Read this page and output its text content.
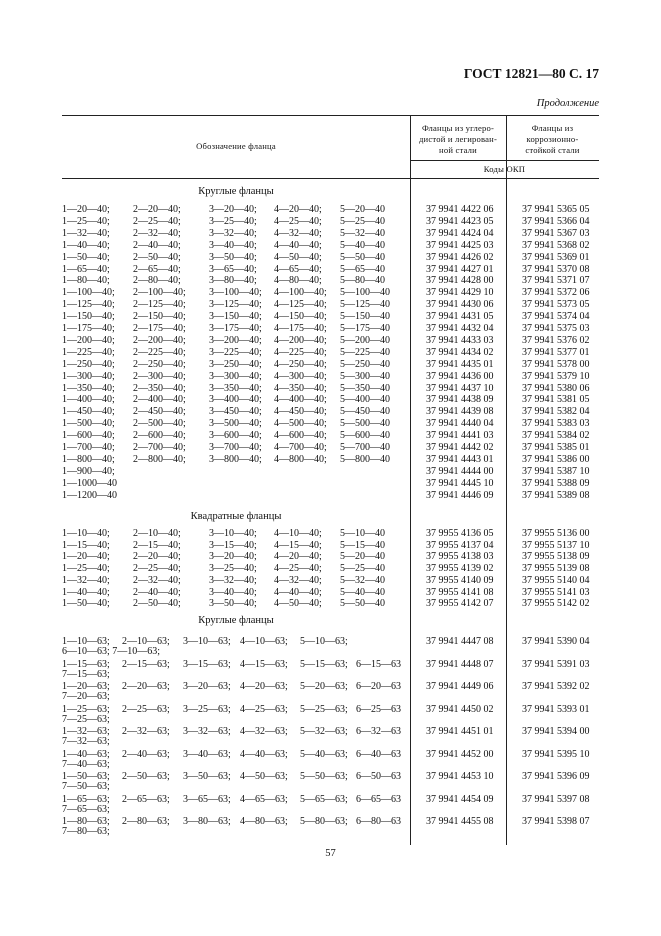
ГОСТ 12821—80 С. 17
Продолжение
Обозначение фланца
Фланцы из углеро-
дистой и легирован-
ной стали
Фланцы из
коррозионно-
стойкой стали
Коды ОКП
Круглые фланцы
1—20—40; 2—20—40;	3—20—40; 4—20—40; 5—20—40	37 9941 4422 06	37 9941 5365 05
1—25—40; 2—25—40;	3—25—40; 4—25—40; 5—25—40	37 9941 4423 05	37 9941 5366 04
1—32—40; 2—32—40;	3—32—40; 4—32—40; 5—32—40	37 9941 4424 04	37 9941 5367 03
1—40—40; 2—40—40;	3—40—40; 4—40—40; 5—40—40	37 9941 4425 03	37 9941 5368 02
1—50—40; 2—50—40;	3—50—40; 4—50—40; 5—50—40	37 9941 4426 02	37 9941 5369 01
1—65—40; 2—65—40;	3—65—40; 4—65—40; 5—65—40	37 9941 4427 01	37 9941 5370 08
1—80—40; 2—80—40;	3—80—40; 4—80—40; 5—80—40	37 9941 4428 00	37 9941 5371 07
1—100—40; 2—100—40; 3—100—40; 4—100—40; 5—100—40	37 9941 4429 10	37 9941 5372 06
1—125—40; 2—125—40; 3—125—40; 4—125—40; 5—125—40	37 9941 4430 06	37 9941 5373 05
1—150—40; 2—150—40; 3—150—40; 4—150—40; 5—150—40	37 9941 4431 05	37 9941 5374 04
1—175—40; 2—175—40; 3—175—40; 4—175—40; 5—175—40	37 9941 4432 04	37 9941 5375 03
1—200—40; 2—200—40; 3—200—40; 4—200—40; 5—200—40	37 9941 4433 03	37 9941 5376 02
1—225—40; 2—225—40; 3—225—40; 4—225—40; 5—225—40	37 9941 4434 02	37 9941 5377 01
1—250—40; 2—250—40; 3—250—40; 4—250—40; 5—250—40	37 9941 4435 01	37 9941 5378 00
1—300—40; 2—300—40; 3—300—40; 4—300—40; 5—300—40	37 9941 4436 00	37 9941 5379 10
1—350—40; 2—350—40; 3—350—40; 4—350—40; 5—350—40	37 9941 4437 10	37 9941 5380 06
1—400—40; 2—400—40; 3—400—40; 4—400—40; 5—400—40	37 9941 4438 09	37 9941 5381 05
1—450—40; 2—450—40; 3—450—40; 4—450—40; 5—450—40	37 9941 4439 08	37 9941 5382 04
1—500—40; 2—500—40; 3—500—40; 4—500—40; 5—500—40	37 9941 4440 04	37 9941 5383 03
1—600—40; 2—600—40; 3—600—40; 4—600—40; 5—600—40	37 9941 4441 03	37 9941 5384 02
1—700—40; 2—700—40; 3—700—40; 4—700—40; 5—700—40	37 9941 4442 02	37 9941 5385 01
1—800—40; 2—800—40; 3—800—40; 4—800—40; 5—800—40	37 9941 4443 01	37 9941 5386 00
1—900—40;	37 9941 4444 00	37 9941 5387 10
1—1000—40	37 9941 4445 10	37 9941 5388 09
1—1200—40	37 9941 4446 09	37 9941 5389 08
Квадратные фланцы
1—10—40; 2—10—40;	3—10—40; 4—10—40; 5—10—40	37 9955 4136 05	37 9955 5136 00
1—15—40; 2—15—40;	3—15—40; 4—15—40; 5—15—40	37 9955 4137 04	37 9955 5137 10
1—20—40; 2—20—40;	3—20—40; 4—20—40; 5—20—40	37 9955 4138 03	37 9955 5138 09
1—25—40; 2—25—40;	3—25—40; 4—25—40; 5—25—40	37 9955 4139 02	37 9955 5139 08
1—32—40; 2—32—40;	3—32—40; 4—32—40; 5—32—40	37 9955 4140 09	37 9955 5140 04
1—40—40; 2—40—40;	3—40—40; 4—40—40; 5—40—40	37 9955 4141 08	37 9955 5141 03
1—50—40; 2—50—40;	3—50—40; 4—50—40; 5—50—40	37 9955 4142 07	37 9955 5142 02
Круглые фланцы
1—10—63; 2—10—63; 3—10—63; 4—10—63; 5—10—63;
6—10—63; 7—10—63;
37 9941 4447 08	37 9941 5390 04
1—15—63; 2—15—63; 3—15—63; 4—15—63; 5—15—63; 6—15—63
7—15—63;
37 9941 4448 07	37 9941 5391 03
1—20—63; 2—20—63; 3—20—63; 4—20—63; 5—20—63; 6—20—63
7—20—63;
37 9941 4449 06	37 9941 5392 02
1—25—63; 2—25—63; 3—25—63; 4—25—63; 5—25—63; 6—25—63
7—25—63;
37 9941 4450 02	37 9941 5393 01
1—32—63; 2—32—63; 3—32—63; 4—32—63; 5—32—63; 6—32—63
7—32—63;
37 9941 4451 01	37 9941 5394 00
1—40—63; 2—40—63; 3—40—63; 4—40—63; 5—40—63; 6—40—63
7—40—63;
37 9941 4452 00	37 9941 5395 10
1—50—63; 2—50—63; 3—50—63; 4—50—63; 5—50—63; 6—50—63
7—50—63;
37 9941 4453 10	37 9941 5396 09
1—65—63; 2—65—63; 3—65—63; 4—65—63; 5—65—63; 6—65—63
7—65—63;
37 9941 4454 09	37 9941 5397 08
1—80—63; 2—80—63; 3—80—63; 4—80—63; 5—80—63; 6—80—63
7—80—63;
37 9941 4455 08	37 9941 5398 07
57
